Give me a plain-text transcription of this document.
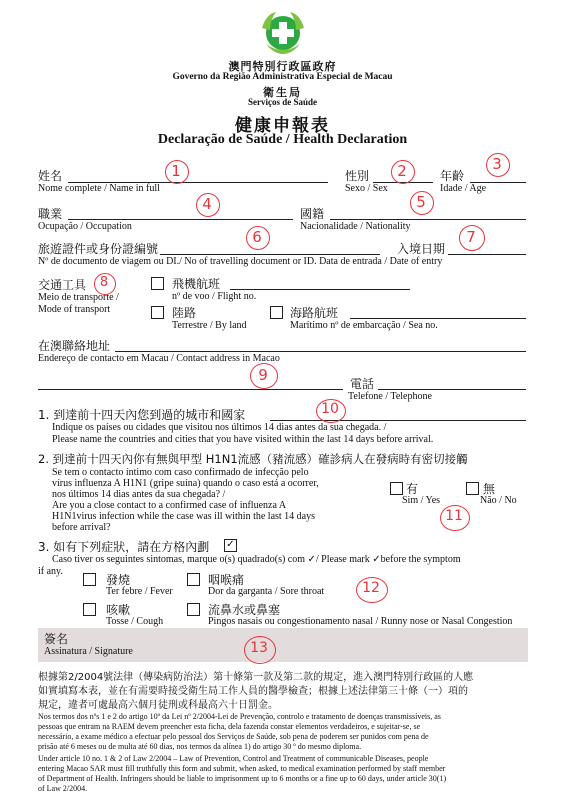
澳門特別行政區政府
Governo da Região Administrativa Especial de Macau
衛生局
Serviços de Saúde
健康申報表
Declaração de Saúde / Health Declaration
姓名
Nome complete / Name in full
性別
Sexo / Sex
年齡
Idade / Age
職業
Ocupação / Occupation
國籍
Nacionalidade / Nationality
旅遊證件或身份證編號	入境日期
Nº de documento de viagem ou DI./ No of travelling document or ID. Data de entrada / Date of entry
交通工具
Meio de transporte /
Mode of transport
飛機航班
nº de voo / Flight no.
陸路
Terrestre / By land
海路航班
Marítimo nº de embarcação / Sea no.
在澳聯絡地址
Endereço de contacto em Macau / Contact address in Macao
電話
Telefone / Telephone
1. 到達前十四天內您到過的城市和國家
Indique os países ou cidades que visitou nos últimos 14 dias antes da sua chegada. /
Please name the countries and cities that you have visited within the last 14 days before arrival.
2. 到達前十四天內你有無與甲型 H1N1流感（豬流感）確診病人在發病時有密切接觸
Se tem o contacto íntimo com caso confirmado de infecção pelo
vírus influenza A H1N1 (gripe suína) quando o caso está a ocorrer,
nos últimos 14 dias antes da sua chegada? /
Are you a close contact to a confirmed case of influenza A
H1N1virus infection while the case was ill within the last 14 days
before arrival?
有
Sim / Yes
無
Não / No
3. 如有下列症狀，請在方格內劃 ✓
Caso tiver os seguintes sintomas, marque o(s) quadrado(s) com ✓/ Please mark ✓before the symptom
if any.
發燒
Ter febre / Fever
咽喉痛
Dor da garganta / Sore throat
咳嗽
Tosse / Cough
流鼻水或鼻塞
Pingos nasais ou congestionamento nasal / Runny nose or Nasal Congestion
簽名
Assinatura / Signature
根據第2/2004號法律（傳染病防治法）第十條第一款及第二款的規定，進入澳門特別行政區的人應
如實填寫本表，並在有需要時接受衛生局工作人員的醫學檢查；根據上述法律第三十條（一）項的
規定，違者可處最高六個月徒刑或科最高六十日罰金。
Nos termos dos nºs 1 e 2 do artigo 10º da Lei nº 2/2004-Lei de Prevenção, controlo e tratamento de doenças transmissíveis, as
pessoas que entram na RAEM devem preencher esta ficha, dela fazenda constar elementos verdadeiros, e sujeitar-se, se
necessário, a exame médico a efectuar pelo pessoal dos Serviços de Saúde, sob pena de poderem ser punidos com pena de
prisão até 6 meses ou de multa até 60 dias, nos termos da alínea 1) do artigo 30 º do mesmo diploma.
Under article 10 no. 1 & 2 of Law 2/2004 – Law of Prevention, Control and Treatment of communicable Diseases, people
entering Macao SAR must fill truthfully this form and submit, when asked, to medical examination performed by staff member
of Department of Health. Infringers should be liable to imprisonment up to 6 months or a fine up to 60 days, under article 30(1)
of Law 2/2004.
1	2	3
4	5
6	7
8
9
10
11
12
13
